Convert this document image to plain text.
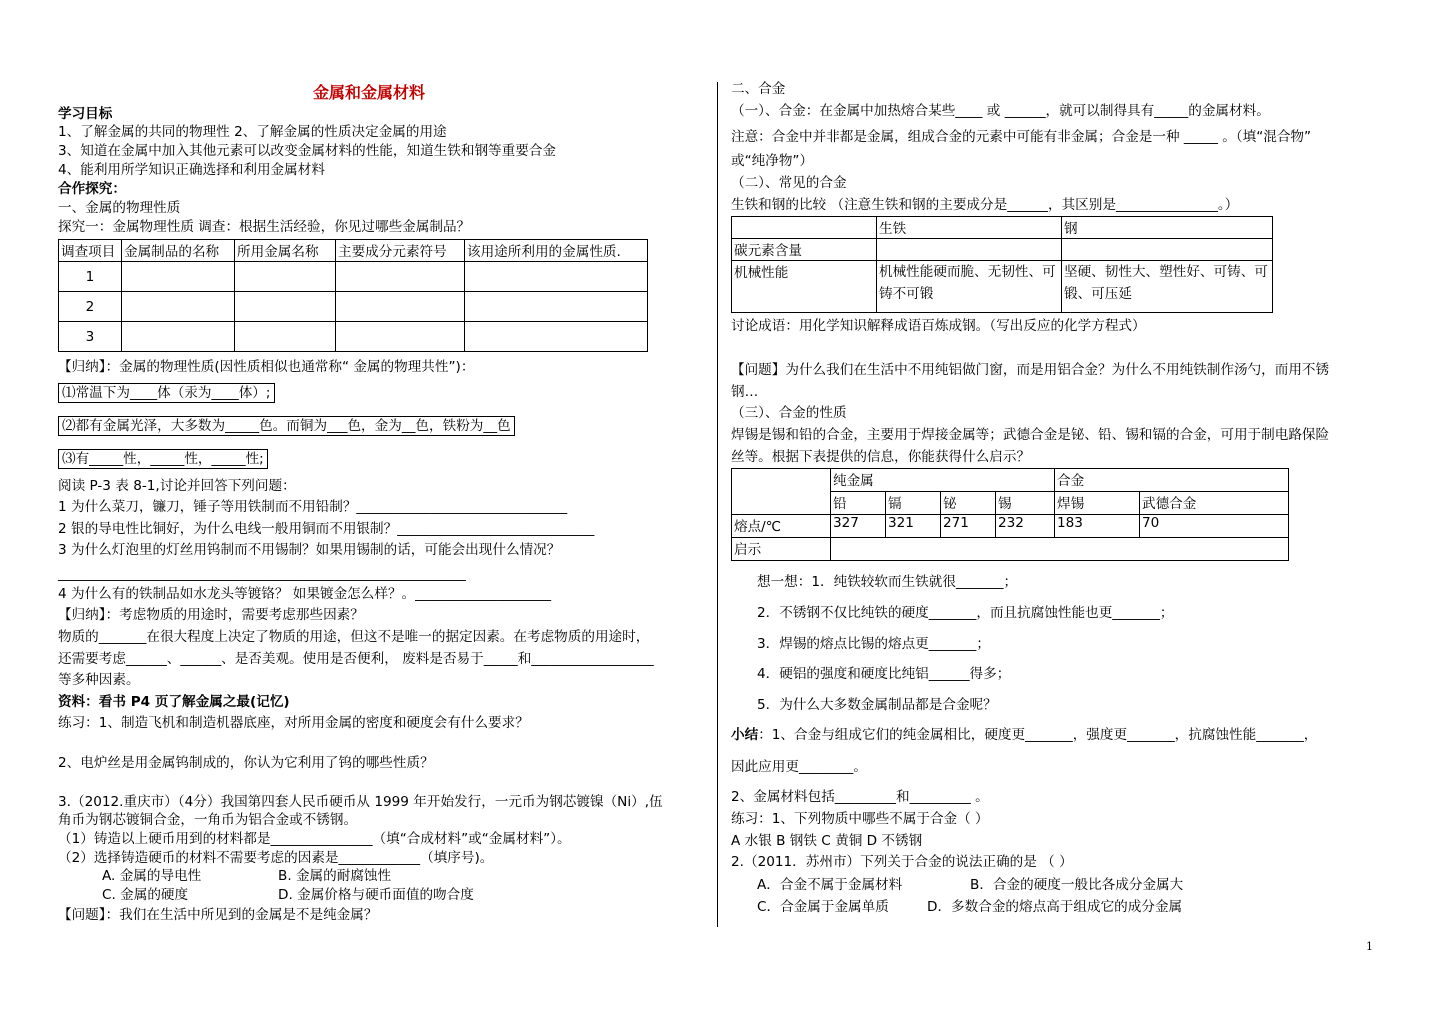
金属和金属材料
学习目标
1、了解金属的共同的物理性 2、了解金属的性质决定金属的用途
3、知道在金属中加入其他元素可以改变金属材料的性能，知道生铁和钢等重要合金
4、能利用所学知识正确选择和利用金属材料
合作探究：
一、金属的物理性质
探究一：金属物理性质 调查：根据生活经验，你见过哪些金属制品？
调查项目	金属制品的名称	所用金属名称	主要成分元素符号	该用途所利用的金属性质.
1				
2				
3				
【归纳】：金属的物理性质(因性质相似也通常称“ 金属的物理共性”)：
⑴常温下为____体（汞为____体）;
⑵都有金属光泽，大多数为_____色。而铜为___色，金为__色，铁粉为__色
⑶有_____性，_____性，_____性;
阅读 P-3 表 8-1,讨论并回答下列问题：
1 为什么菜刀，镰刀，锤子等用铁制而不用铅制？_______________________________
2 银的导电性比铜好，为什么电线一般用铜而不用银制？_____________________________
3 为什么灯泡里的灯丝用钨制而不用锡制？如果用锡制的话，可能会出现什么情况？
____________________________________________________________
4 为什么有的铁制品如水龙头等镀铬？ 如果镀金怎么样？。____________________
【归纳】：考虑物质的用途时，需要考虑那些因素？
物质的_______在很大程度上决定了物质的用途，但这不是唯一的据定因素。在考虑物质的用途时，
还需要考虑______、______、是否美观。使用是否便利， 废料是否易于_____和__________________
等多种因素。
资料：看书 P4 页了解金属之最(记忆)
练习：1、制造飞机和制造机器底座，对所用金属的密度和硬度会有什么要求？
2、电炉丝是用金属钨制成的，你认为它利用了钨的哪些性质？
3.（2012.重庆市）（4分）我国第四套人民币硬币从 1999 年开始发行，一元币为钢芯镀镍（Ni）,伍
角币为钢芯镀铜合金，一角币为铝合金或不锈钢。
（1）铸造以上硬币用到的材料都是_______________（填“合成材料”或“金属材料”）。
（2）选择铸造硬币的材料不需要考虑的因素是____________（填序号)。
A. 金属的导电性	B. 金属的耐腐蚀性
C. 金属的硬度	D. 金属价格与硬币面值的吻合度
【问题】：我们在生活中所见到的金属是不是纯金属？
二、合金
（一）、合金：在金属中加热熔合某些____ 或 ______，就可以制得具有_____的金属材料。
注意：合金中并非都是金属，组成合金的元素中可能有非金属；合金是一种 _____ 。（填“混合物”
或“纯净物”）
（二）、常见的合金
生铁和钢的比较 （注意生铁和钢的主要成分是______，其区别是_______________。）
	生铁	钢
碳元素含量		
机械性能	机械性能硬而脆、无韧性、可铸不可锻	坚硬、韧性大、塑性好、可铸、可锻、可压延
讨论成语：用化学知识解释成语百炼成钢。（写出反应的化学方程式）
【问题】为什么我们在生活中不用纯铝做门窗，而是用铝合金？为什么不用纯铁制作汤勺，而用不锈
钢…
（三）、合金的性质
焊锡是锡和铅的合金，主要用于焊接金属等；武德合金是铋、铅、锡和镉的合金，可用于制电路保险
丝等。根据下表提供的信息，你能获得什么启示？
	纯金属				合金	
	铅	镉	铋	锡	焊锡	武德合金
熔点/℃	327	321	271	232	183	70
启示						
想一想：1．纯铁较软而生铁就很_______；
2．不锈钢不仅比纯铁的硬度_______，而且抗腐蚀性能也更_______；
3．焊锡的熔点比锡的熔点更_______；
4．硬铝的强度和硬度比纯铝______得多；
5．为什么大多数金属制品都是合金呢？
小结：1、合金与组成它们的纯金属相比，硬度更_______，强度更_______，抗腐蚀性能_______，
因此应用更________。
2、金属材料包括_________和_________ 。
练习：1、下列物质中哪些不属于合金（ ）
A 水银 B 钢铁 C 黄铜 D 不锈钢
2.（2011．苏州市）下列关于合金的说法正确的是 （ ）
A．合金不属于金属材料	B．合金的硬度一般比各成分金属大
C．合金属于金属单质	D．多数合金的熔点高于组成它的成分金属
1
